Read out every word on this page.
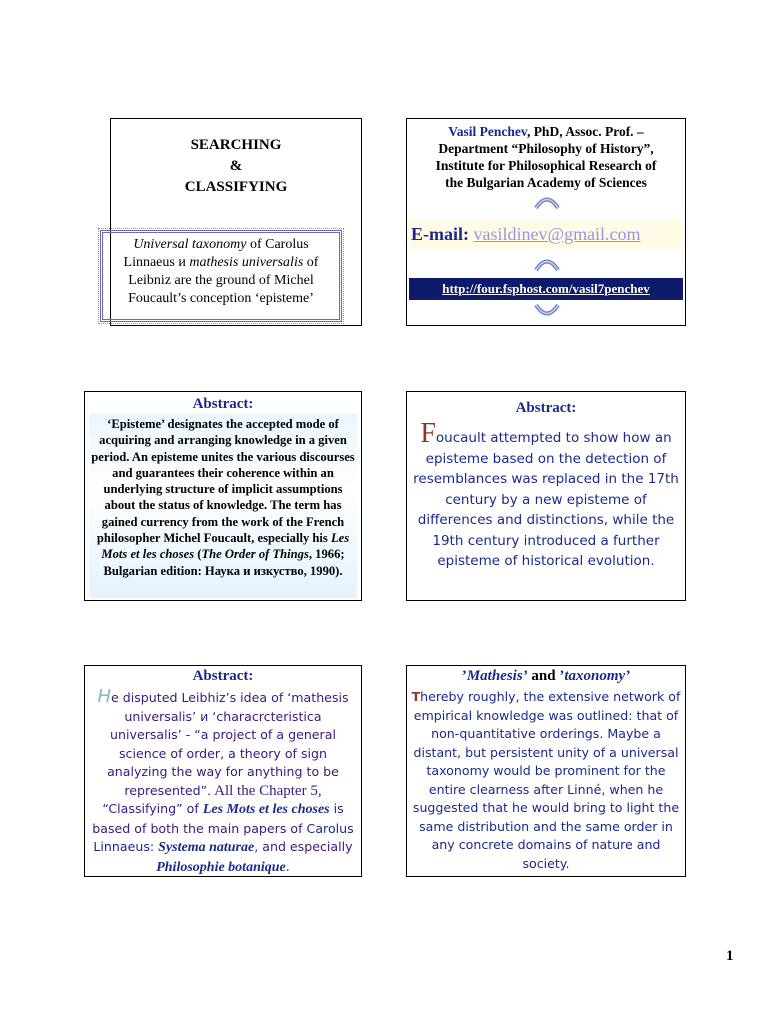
SEARCHING
&
CLASSIFYING
Universal taxonomy of Carolus Linnaeus и mathesis universalis of Leibniz are the ground of Michel Foucault’s conception ‘episteme’
Vasil Penchev, PhD, Assoc. Prof. –
Department “Philosophy of History”,
Institute for Philosophical Research of
the Bulgarian Academy of Sciences
E-mail: vasildinev@gmail.com
http://four.fsphost.com/vasil7penchev
Abstract:
‘Episteme’ designates the accepted mode of acquiring and arranging knowledge in a given period. An episteme unites the various discourses and guarantees their coherence within an underlying structure of implicit assumptions about the status of knowledge. The term has gained currency from the work of the French philosopher Michel Foucault, especially his Les Mots et les choses (The Order of Things, 1966; Bulgarian edition: Наука и изкуство, 1990).
Abstract:
Foucault attempted to show how an episteme based on the detection of resemblances was replaced in the 17th century by a new episteme of differences and distinctions, while the 19th century introduced a further episteme of historical evolution.
Abstract:
He disputed Leibhiz’s idea of ‘mathesis universalis’ и ‘characrcteristica universalis’ - “a project of a general science of order, a theory of sign analyzing the way for anything to be represented”. All the Chapter 5, “Classifying” of Les Mots et les choses is based of both the main papers of Carolus Linnaeus: Systema naturae, and especially Philosophie botanique.
’Mathesis’ and ’taxonomy’
Thereby roughly, the extensive network of empirical knowledge was outlined: that of non-quantitative orderings. Maybe a distant, but persistent unity of a universal taxonomy would be prominent for the entire clearness after Linné, when he suggested that he would bring to light the same distribution and the same order in any concrete domains of nature and society.
1
